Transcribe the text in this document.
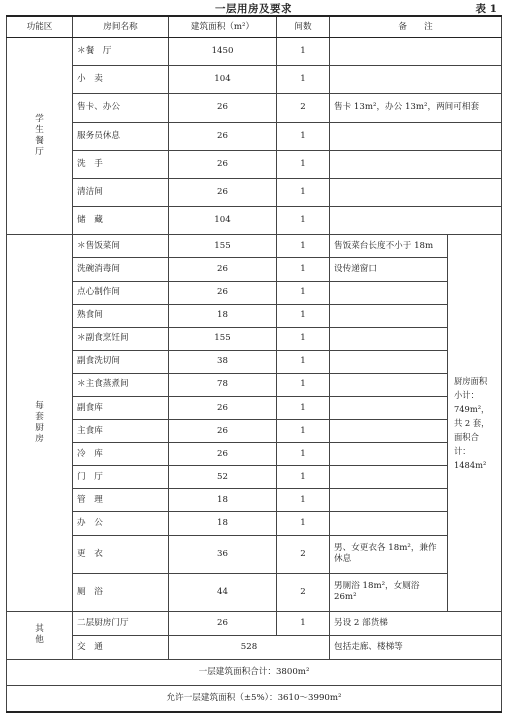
一层用房及要求	表 1
功能区	房间名称	建筑面积（m²）	间数	备　　注	

学
生
餐
厅	＊餐　厅	1450	1		
	小　卖	104	1		
	售卡、办公	26	2	售卡 13m²，办公 13m²，两间可相套	
	服务员休息	26	1		
	洗　手	26	1		
	清洁间	26	1		
	储　藏	104	1		

每
套
厨
房	＊售饭菜间	155	1	售饭菜台长度不小于 18m	厨房面积小计：749m²，共 2 套，面积合计：1484m²
	洗碗消毒间	26	1	设传递窗口	
	点心制作间	26	1		
	熟食间	18	1		
	＊副食烹饪间	155	1		
	副食洗切间	38	1		
	＊主食蒸煮间	78	1		
	副食库	26	1		
	主食库	26	1		
	冷　库	26	1		
	门　厅	52	1		
	管　理	18	1		
	办　公	18	1		
	更　衣	36	2	男、女更衣各 18m²，兼作休息	
	厕　浴	44	2	男厕浴 18m²，女厕浴 26m²	

其
他	二层厨房门厅	26	1	另设 2 部货梯	
	交　通	528		包括走廊、楼梯等	
一层建筑面积合计：3800m²					
允许一层建筑面积（±5%）：3610～3990m²					
